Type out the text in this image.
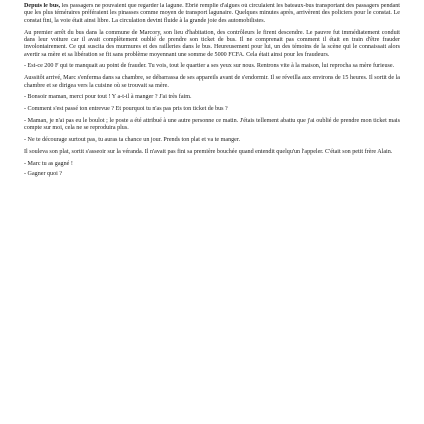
Depuis le bus, les passagers ne pouvaient que regarder la lagune. Ebrié remplie d'algues où circulaient les bateaux-bus transportant des passagers pendant que les plus téméraires préféraient les pinasses comme moyen de transport lagunaire. Quelques minutes après, arrivèrent des policiers pour le constat. Le constat fini, la voie était ainsi libre. La circulation devint fluide à la grande joie des automobilistes.

Au premier arrêt du bus dans la commune de Marcory, son lieu d'habitation, des contrôleurs le firent descendre. Le pauvre fut immédiatement conduit dans leur voiture car il avait complètement oublié de prendre son ticket de bus. Il ne comprenait pas comment il était en train d'être frauder involontairement. Ce qui suscita des murmures et des railleries dans le bus. Heureusement pour lui, un des témoins de la scène qui le connaissait alors avertir sa mère et sa libération se fit sans problème moyennant une somme de 5000 FCFA. Cela était ainsi pour les fraudeurs.

- Est-ce 200 F qui te manquait au point de frauder. Tu vois, tout le quartier a ses yeux sur nous. Rentrons vite à la maison, lui reprocha sa mère furieuse.

Aussitôt arrivé, Marc s'enferma dans sa chambre, se débarrassa de ses appareils avant de s'endormir. Il se réveilla aux environs de 15 heures. Il sortit de la chambre et se dirigea vers la cuisine où se trouvait sa mère.

- Bonsoir maman, merci pour tout ! Y a-t-il à manger ? J'ai très faim.

- Comment s'est passé ton entrevue ? Et pourquoi tu n'as pas pris ton ticket de bus ?

- Maman, je n'ai pas eu le boulot ; le poste a été attribué à une autre personne ce matin. J'étais tellement abattu que j'ai oublié de prendre mon ticket mais compte sur moi, cela ne se reproduira plus.

- Ne te décourage surtout pas, tu auras ta chance un jour. Prends ton plat et va te manger.

Il souleva son plat, sortit s'asseoir sur la véranda. Il n'avait pas fini sa première bouchée quand entendit quelqu'un l'appeler. C'était son petit frère Alain.

- Marc tu as gagné !

- Gagner quoi ?
